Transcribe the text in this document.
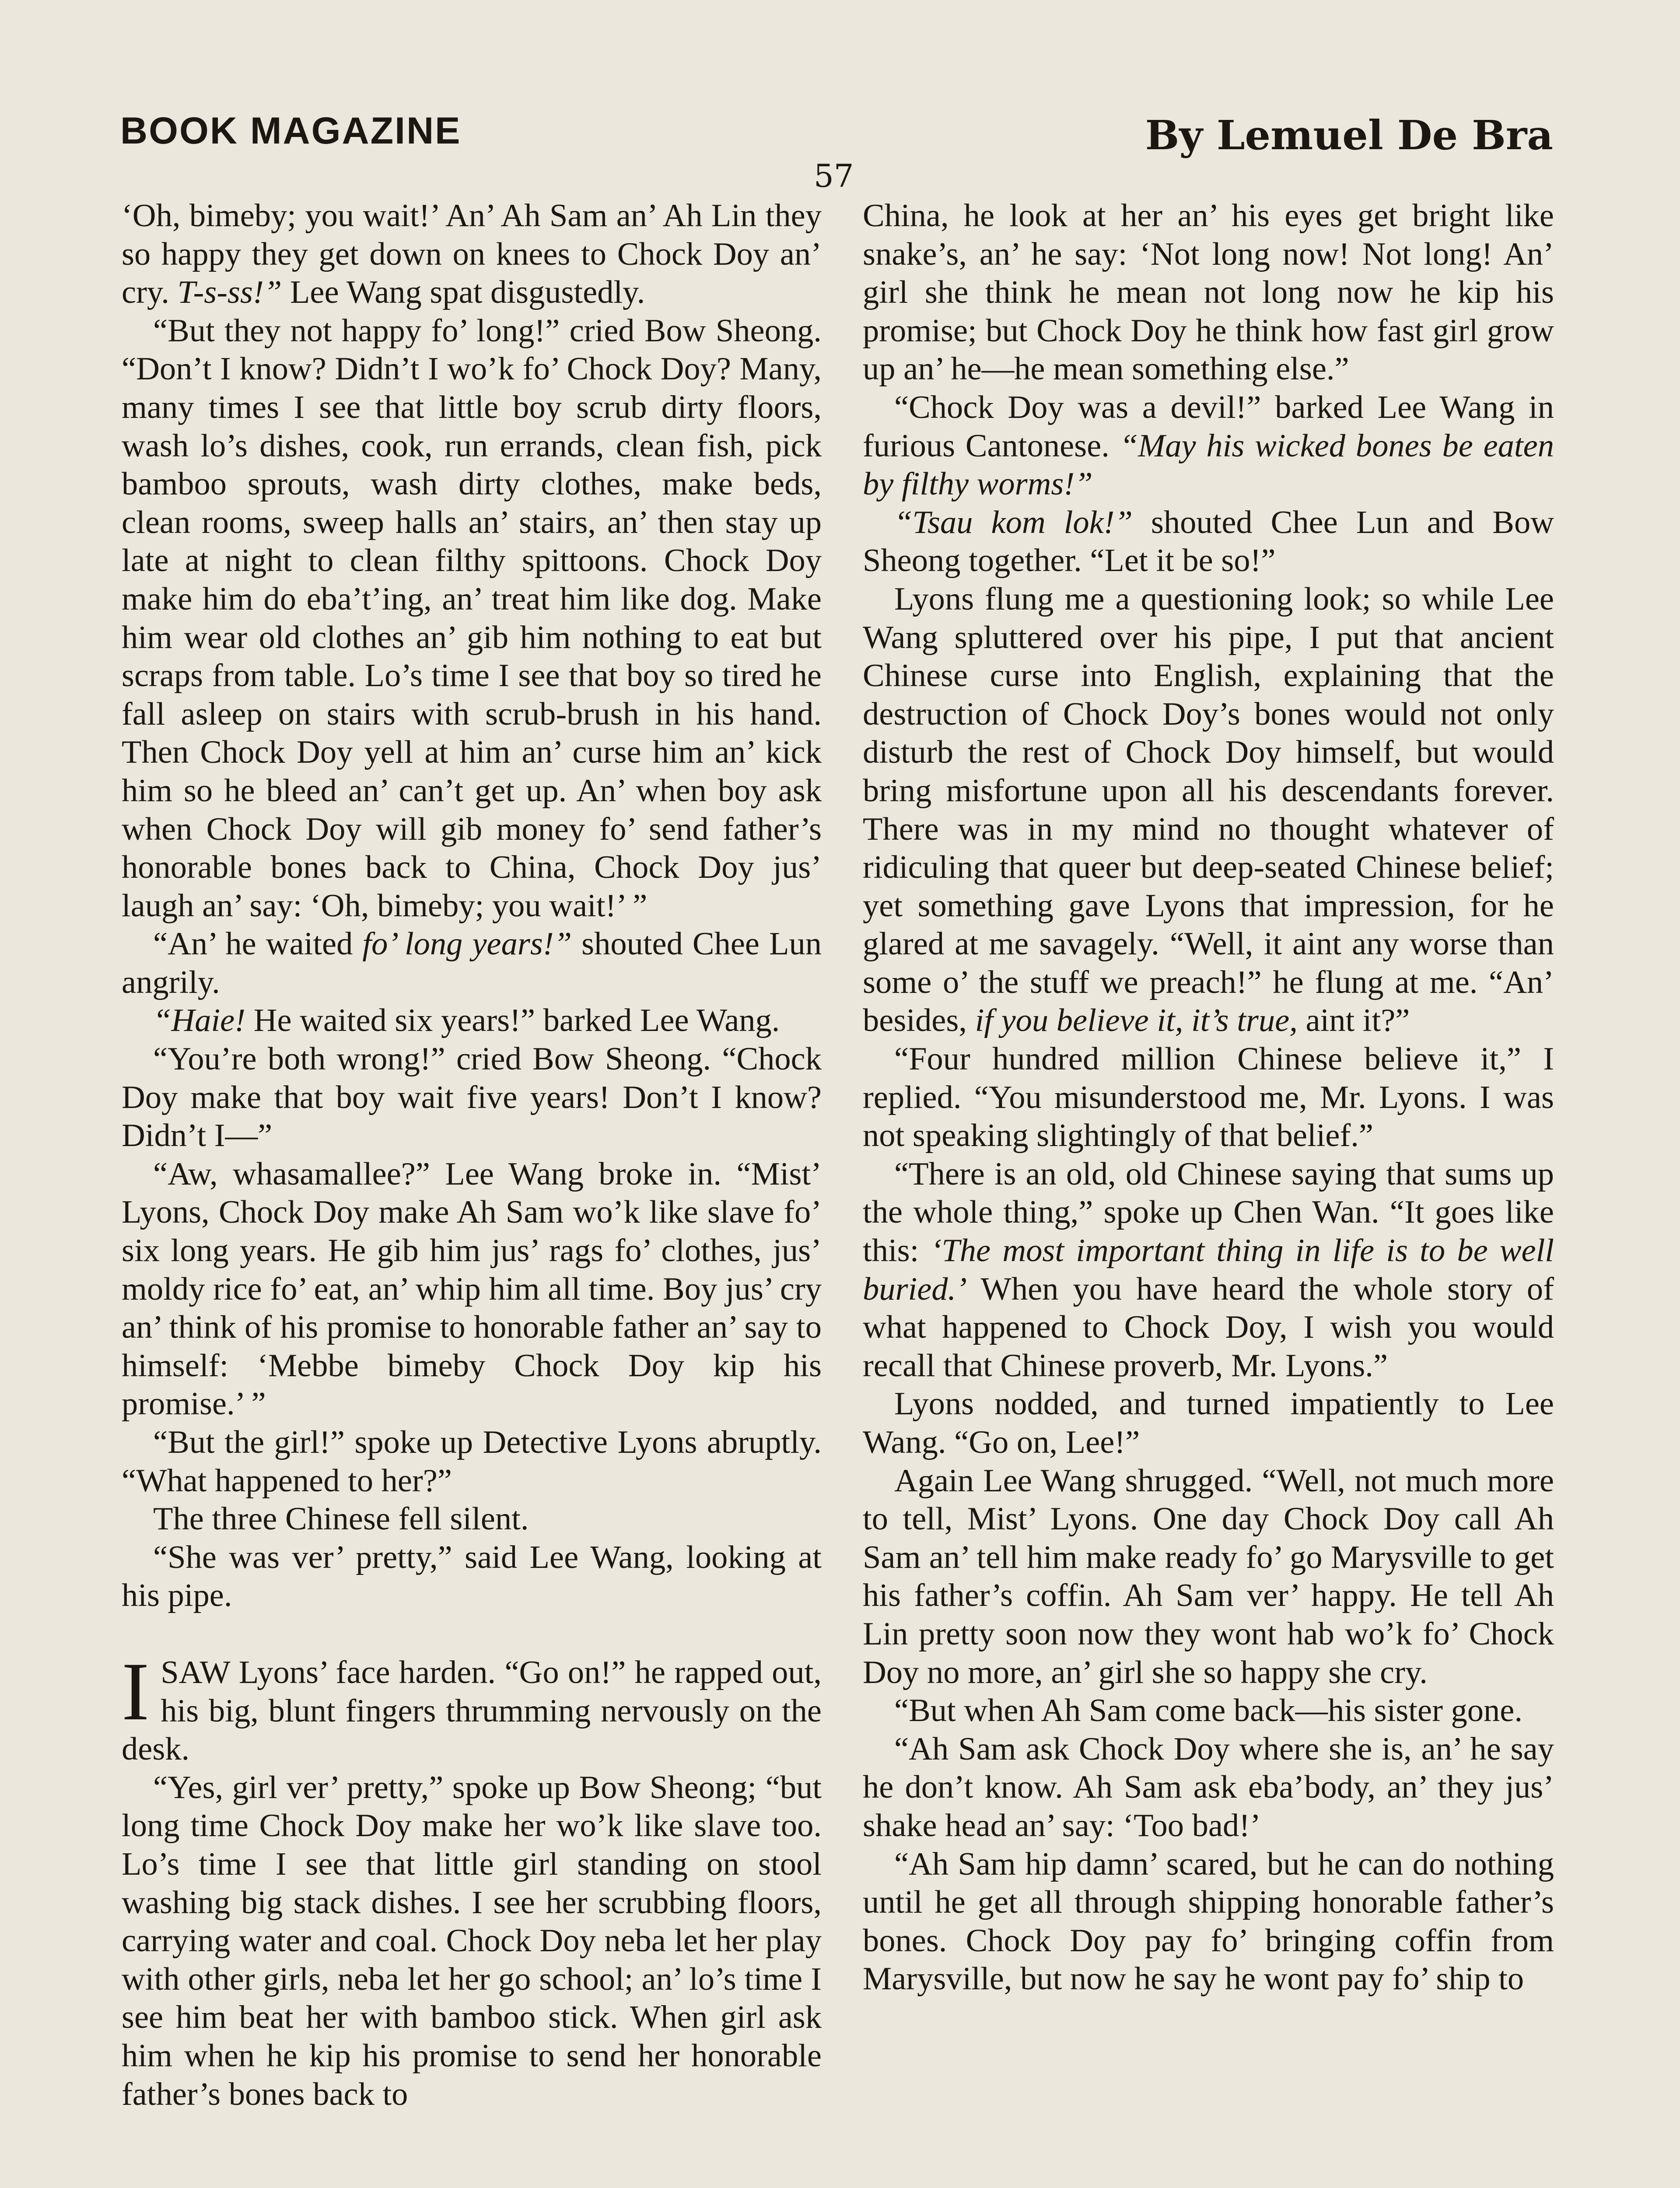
BOOK MAGAZINE	By Lemuel De Bra
57

‘Oh, bimeby; you wait!’ An’ Ah Sam an’ Ah Lin they so happy they get down on knees to Chock Doy an’ cry. T-s-ss!” Lee Wang spat disgustedly.

“But they not happy fo’ long!” cried Bow Sheong. “Don’t I know? Didn’t I wo’k fo’ Chock Doy? Many, many times I see that little boy scrub dirty floors, wash lo’s dishes, cook, run errands, clean fish, pick bamboo sprouts, wash dirty clothes, make beds, clean rooms, sweep halls an’ stairs, an’ then stay up late at night to clean filthy spittoons. Chock Doy make him do eba’t’ing, an’ treat him like dog. Make him wear old clothes an’ gib him nothing to eat but scraps from table. Lo’s time I see that boy so tired he fall asleep on stairs with scrub-brush in his hand. Then Chock Doy yell at him an’ curse him an’ kick him so he bleed an’ can’t get up. An’ when boy ask when Chock Doy will gib money fo’ send father’s honorable bones back to China, Chock Doy jus’ laugh an’ say: ‘Oh, bimeby; you wait!’ ”

“An’ he waited fo’ long years!” shouted Chee Lun angrily.

“Haie! He waited six years!” barked Lee Wang.

“You’re both wrong!” cried Bow Sheong. “Chock Doy make that boy wait five years! Don’t I know? Didn’t I—”

“Aw, whasamallee?” Lee Wang broke in. “Mist’ Lyons, Chock Doy make Ah Sam wo’k like slave fo’ six long years. He gib him jus’ rags fo’ clothes, jus’ moldy rice fo’ eat, an’ whip him all time. Boy jus’ cry an’ think of his promise to honorable father an’ say to himself: ‘Mebbe bimeby Chock Doy kip his promise.’ ”

“But the girl!” spoke up Detective Lyons abruptly. “What happened to her?”

The three Chinese fell silent.

“She was ver’ pretty,” said Lee Wang, looking at his pipe.

ISAW Lyons’ face harden. “Go on!” he rapped out, his big, blunt fingers thrumming nervously on the desk.

“Yes, girl ver’ pretty,” spoke up Bow Sheong; “but long time Chock Doy make her wo’k like slave too. Lo’s time I see that little girl standing on stool washing big stack dishes. I see her scrubbing floors, carrying water and coal. Chock Doy neba let her play with other girls, neba let her go school; an’ lo’s time I see him beat her with bamboo stick. When girl ask him when he kip his promise to send her honorable father’s bones back to

China, he look at her an’ his eyes get bright like snake’s, an’ he say: ‘Not long now! Not long! An’ girl she think he mean not long now he kip his promise; but Chock Doy he think how fast girl grow up an’ he—he mean something else.”

“Chock Doy was a devil!” barked Lee Wang in furious Cantonese. “May his wicked bones be eaten by filthy worms!”

“Tsau kom lok!” shouted Chee Lun and Bow Sheong together. “Let it be so!”

Lyons flung me a questioning look; so while Lee Wang spluttered over his pipe, I put that ancient Chinese curse into English, explaining that the destruction of Chock Doy’s bones would not only disturb the rest of Chock Doy himself, but would bring misfortune upon all his descendants forever. There was in my mind no thought whatever of ridiculing that queer but deep-seated Chinese belief; yet something gave Lyons that impression, for he glared at me savagely. “Well, it aint any worse than some o’ the stuff we preach!” he flung at me. “An’ besides, if you believe it, it’s true, aint it?”

“Four hundred million Chinese believe it,” I replied. “You misunderstood me, Mr. Lyons. I was not speaking slightingly of that belief.”

“There is an old, old Chinese saying that sums up the whole thing,” spoke up Chen Wan. “It goes like this: ‘The most important thing in life is to be well buried.’ When you have heard the whole story of what happened to Chock Doy, I wish you would recall that Chinese proverb, Mr. Lyons.”

Lyons nodded, and turned impatiently to Lee Wang. “Go on, Lee!”

Again Lee Wang shrugged. “Well, not much more to tell, Mist’ Lyons. One day Chock Doy call Ah Sam an’ tell him make ready fo’ go Marysville to get his father’s coffin. Ah Sam ver’ happy. He tell Ah Lin pretty soon now they wont hab wo’k fo’ Chock Doy no more, an’ girl she so happy she cry.

“But when Ah Sam come back—his sister gone.

“Ah Sam ask Chock Doy where she is, an’ he say he don’t know. Ah Sam ask eba’body, an’ they jus’ shake head an’ say: ‘Too bad!’

“Ah Sam hip damn’ scared, but he can do nothing until he get all through shipping honorable father’s bones. Chock Doy pay fo’ bringing coffin from Marysville, but now he say he wont pay fo’ ship to
